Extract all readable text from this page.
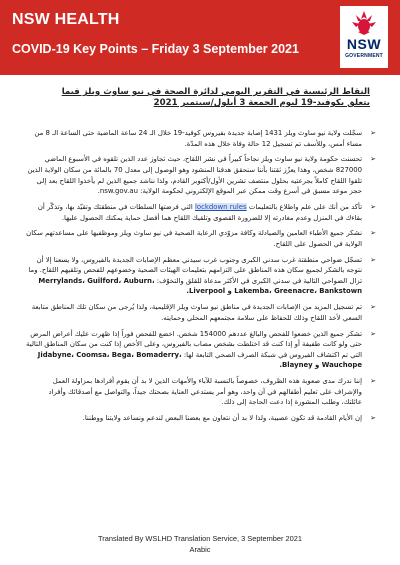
NSW HEALTH
COVID-19 Key Points – Friday 3 September 2021	NSW
GOVERNMENT
النقاط الرئيسية في التقرير اليومي لدائرة الصحة في نيو ساوث ويلز فيما يتعلق بكوفيد-19 ليوم الجمعة 3 أيلول/سبتمبر 2021
➢
سجّلت ولاية نيو ساوث ويلز 1431 إصابة جديدة بفيروس كوفيد-19 خلال الـ 24 ساعة الماضية حتى الساعة الـ 8 من مساء أمس، وللأسف تم تسجيل 12 حالة وفاة خلال هذه المدّة.
➢
تحسنت حكومة ولاية نيو ساوث ويلز نجاحاً كبيراً في نشر اللقاح، حيث تجاوز عدد الذين تلقوه في الأسبوع الماضي 827000 شخص، وهذا يعزّز ثقتنا بأننا سنحقق هدفنا المنشود وهو الوصول إلى معدل 70 بالمائة من سكان الولاية الذين تلقوا اللقاح كاملاً بجرعتيه بحلول منتصف تشرين الأول/أكتوبر القادم، ولذا نناشد جميع الذين لم يأخذوا اللقاح بعد إلى حجز موعد مسبق في أسرع وقت ممكن عبر الموقع الإلكتروني لحكومة الولاية: nsw.gov.au.
➢
تأكد من أنك على علم واطلاع بالتعليمات lockdown rules التي فرضتها السلطات في منطقتك وتقيّد بها، وتذكّر أن بقاءك في المنزل وعدم مغادرته إلا للضرورة القصوى وتلقيك اللقاح هما أفضل حماية يمكنك الحصول عليها.
➢
نشكر جميع الأطباء العامين والصيادلة وكافة مزوّدي الرعاية الصحية في نيو ساوث ويلز وموظفيها على مساعدتهم سكان الولاية في الحصول على اللقاح.
➢
تسجّل ضواحي منطقتة غرب سدني الكبرى وجنوب غرب سيدني معظم الإصابات الجديدة بالفيروس، ولا يسعنا إلا أن نتوجه بالشكر لجميع سكان هذه المناطق على التزامهم بتعليمات الهيئات الصحية وخضوعهم للفحص وتلقيهم اللقاح. وما تزال الضواحي التالية في سدني الكبرى في الأكثر مدعاة للقلق والتخوّف: Merrylands، Guilford، Auburn، Lakemba، Greenacre، Bankstown و Liverpool.
➢
تم تسجيل المزيد من الإصابات الجديدة في مناطق نيو ساوث ويلز الإقليمية، ولذا يُرجى من سكان تلك المناطق متابعة السعي لأخذ اللقاح وذلك للحفاظ على سلامة مجتمعهم المحلي وحمايته.
➢
تشكر جميع الذين خضعوا للفحص والبالغ عددهم 154000 شخص. اخضع للفحص فوراً إذا ظهرت عليك أعراض المرض حتى ولو كانت طفيفة أو إذا كنت قد اختلطت بشخص مصاب بالفيروس، وعلى الأخص إذا كنت من سكان المناطق التالية التي تم اكتشاف الفيروس في شبكة الصرف الصحي التابعة لها: Jidabyne، Coomsa، Bega، Bomaderry، Wauchope و Blayney.
➢
إننا ندرك مدى صعوبة هذه الظروف، خصوصاً بالنسبة للآباء والأمهات الذين لا بد أن يقوم أفرادها بمزاولة العمل والإشراف على تعليم أطفالهم في آن واحد، وهو أمر يستدعي العناية بصحتك جيداً، والتواصل مع أصدقائك وأفراد عائلتك، وطلب المشورة إذا دعت الحاجة إلى ذلك.
➢
إن الأيام القادمة قد تكون عصيبة، ولذا لا بد أن نتعاون مع بعضنا البعض لندعم ونساعد ولايتنا ووطننا.
Translated By WSLHD Translation Service, 3 September 2021
Arabic
